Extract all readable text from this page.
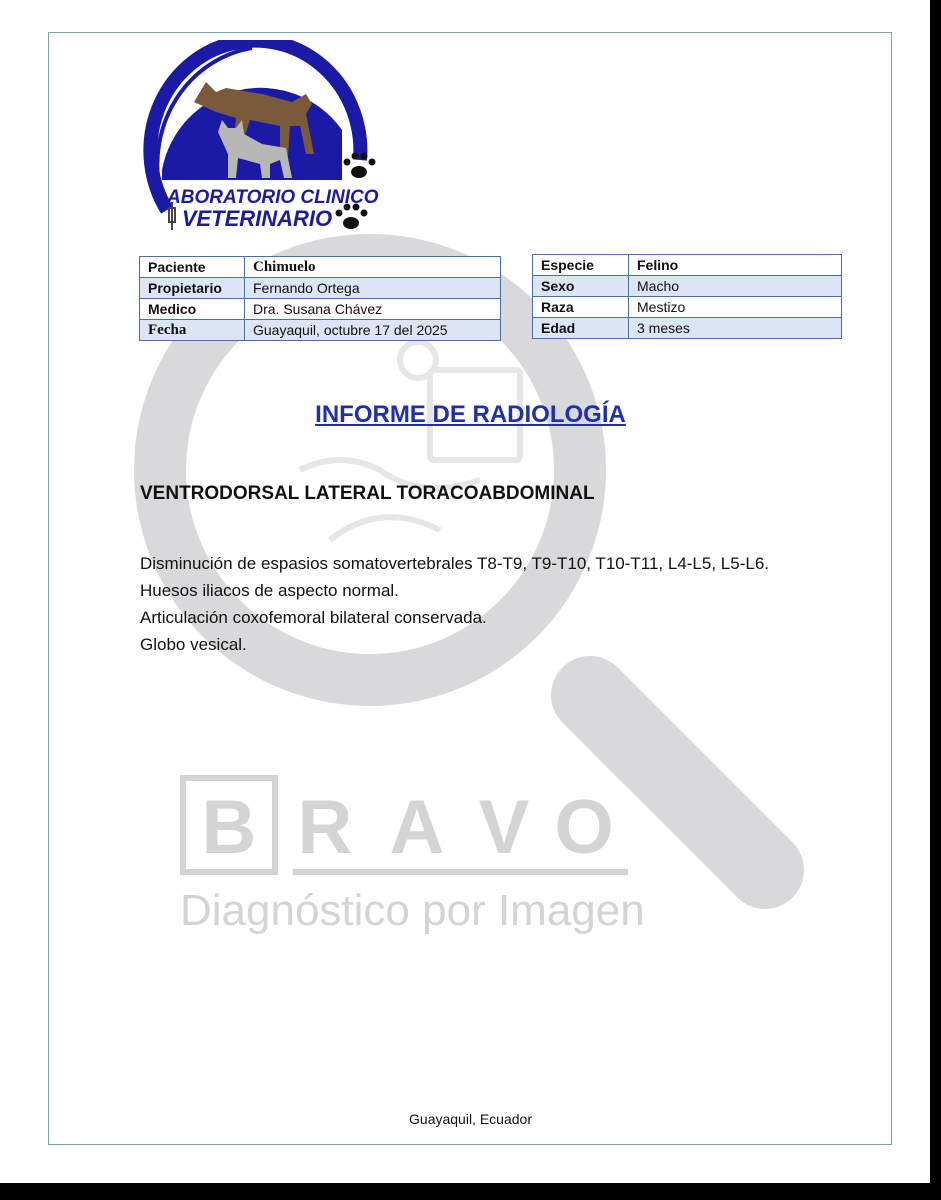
B R A V O
Diagnóstico por Imagen
LABORATORIO CLINICO
VETERINARIO
Paciente	Chimuelo
Propietario	Fernando Ortega
Medico	Dra. Susana Chávez
Fecha	Guayaquil, octubre 17 del 2025
Especie	Felino
Sexo	Macho
Raza	Mestizo
Edad	3 meses
INFORME DE RADIOLOGÍA
VENTRODORSAL LATERAL TORACOABDOMINAL

Disminución de espasios somatovertebrales T8-T9, T9-T10, T10-T11, L4-L5, L5-L6.

Huesos iliacos de aspecto normal.

Articulación coxofemoral bilateral conservada.

Globo vesical.

Guayaquil, Ecuador
